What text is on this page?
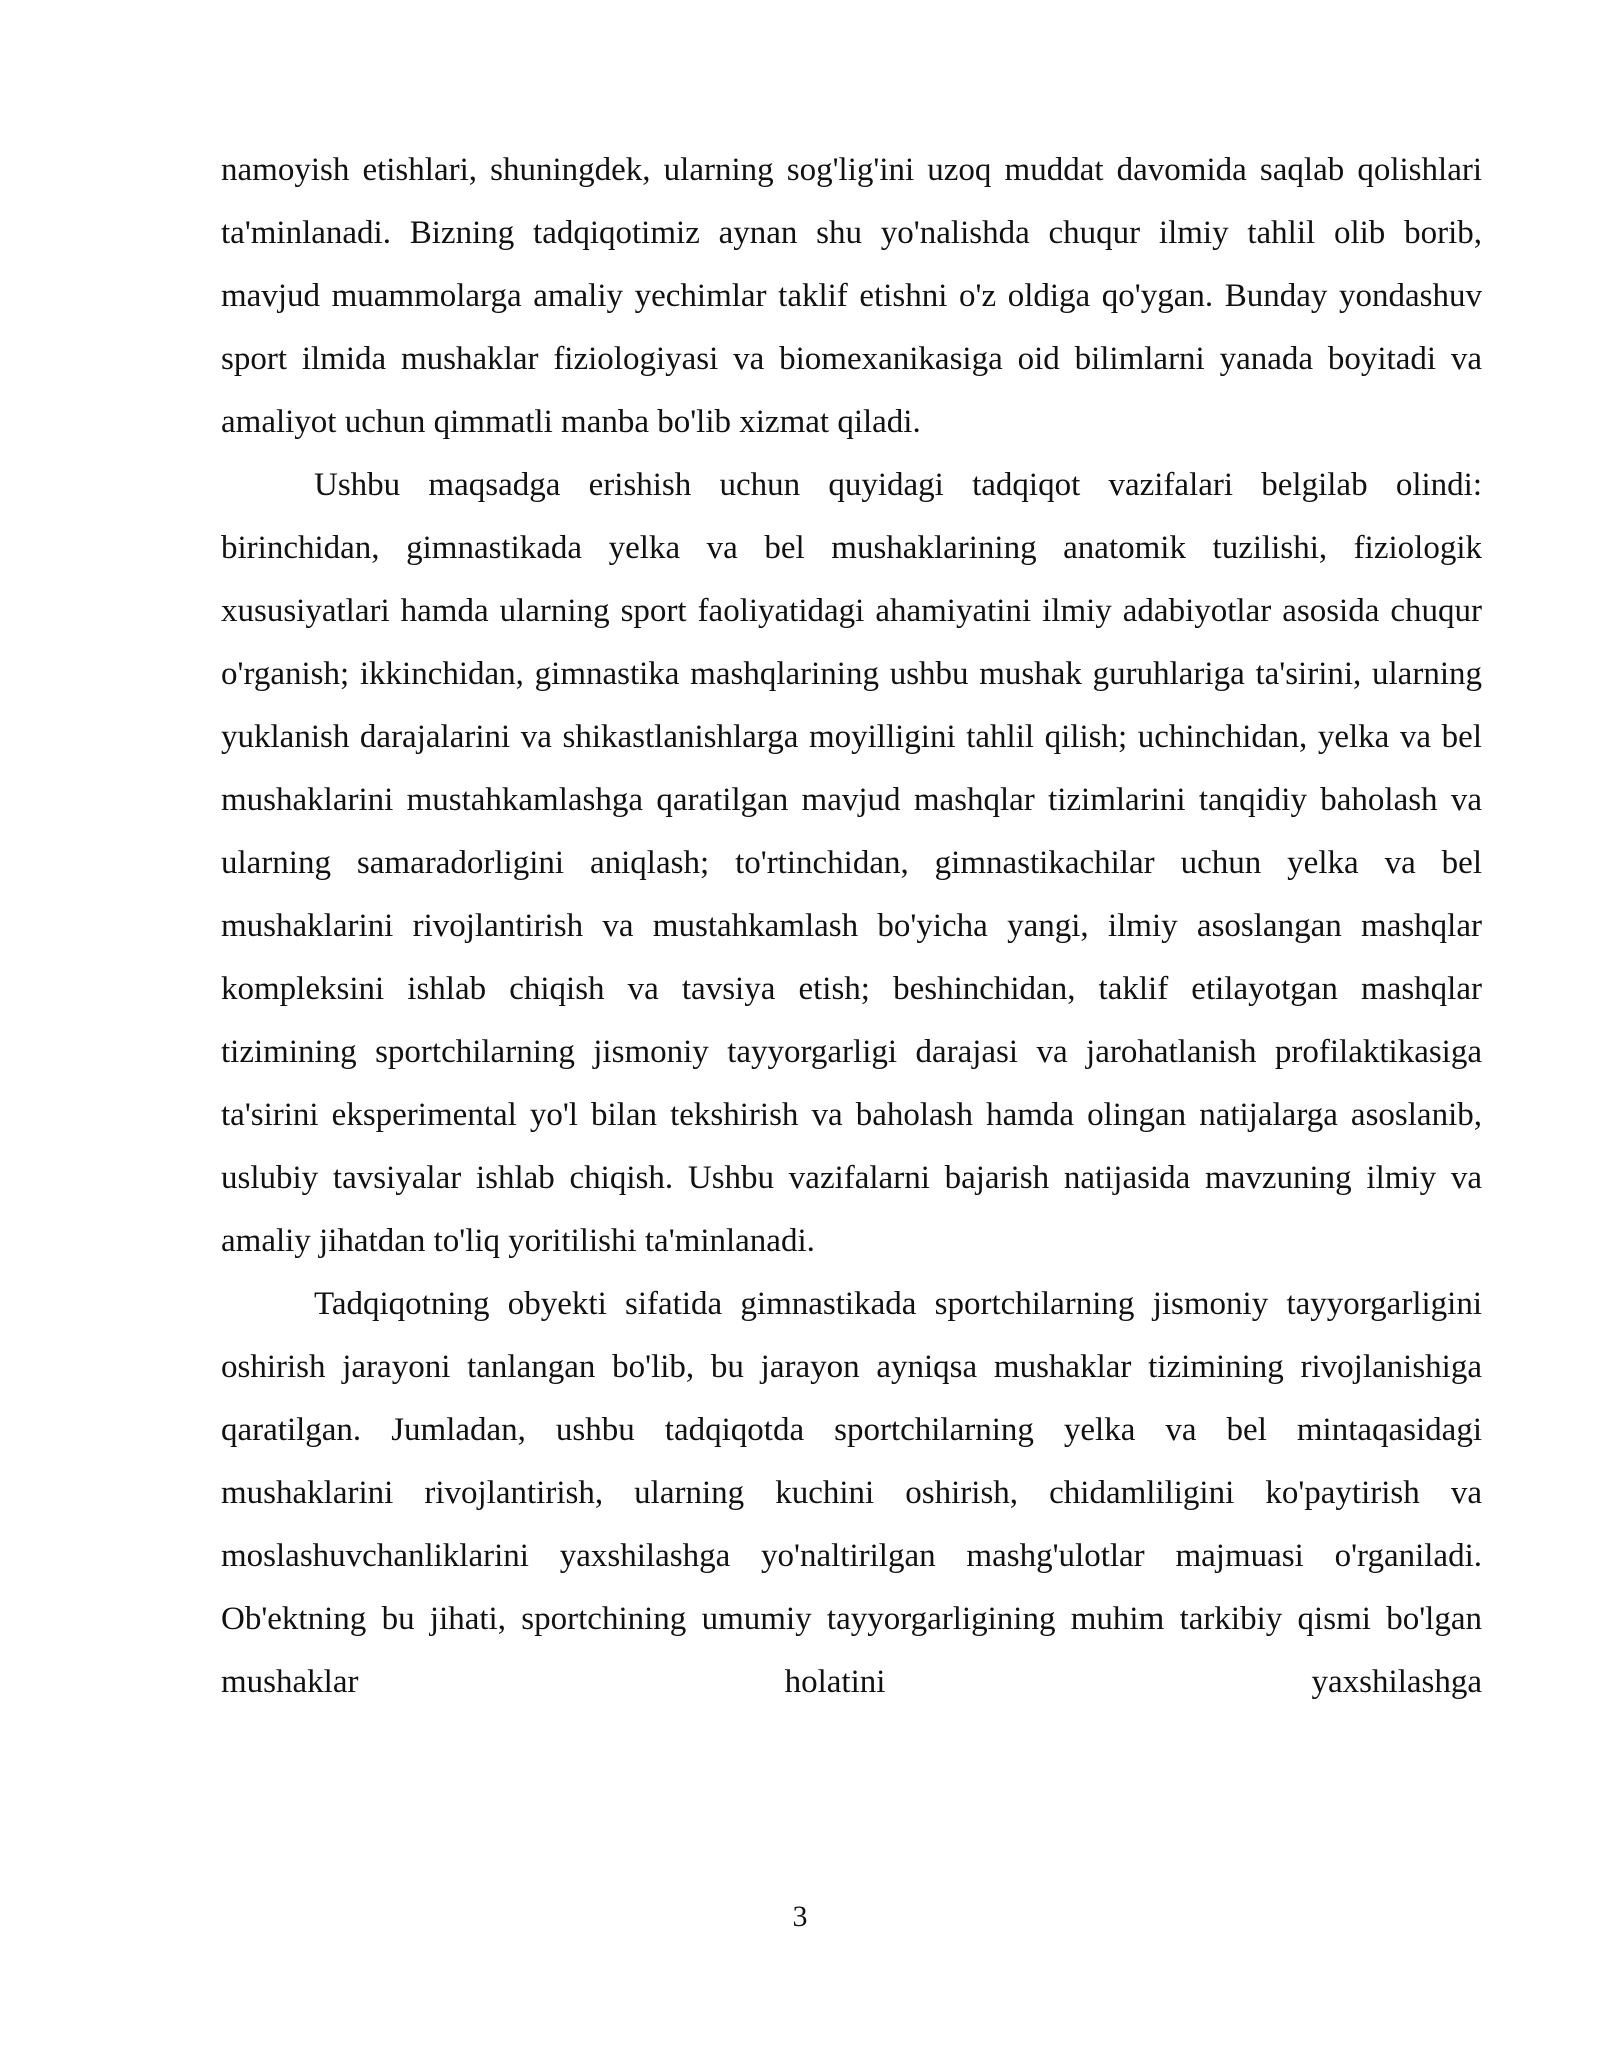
namoyish etishlari, shuningdek, ularning sog'lig'ini uzoq muddat davomida saqlab qolishlari ta'minlanadi. Bizning tadqiqotimiz aynan shu yo'nalishda chuqur ilmiy tahlil olib borib, mavjud muammolarga amaliy yechimlar taklif etishni o'z oldiga qo'ygan. Bunday yondashuv sport ilmida mushaklar fiziologiyasi va biomexanikasiga oid bilimlarni yanada boyitadi va amaliyot uchun qimmatli manba bo'lib xizmat qiladi.

Ushbu maqsadga erishish uchun quyidagi tadqiqot vazifalari belgilab olindi: birinchidan, gimnastikada yelka va bel mushaklarining anatomik tuzilishi, fiziologik xususiyatlari hamda ularning sport faoliyatidagi ahamiyatini ilmiy adabiyotlar asosida chuqur o'rganish; ikkinchidan, gimnastika mashqlarining ushbu mushak guruhlariga ta'sirini, ularning yuklanish darajalarini va shikastlanishlarga moyilligini tahlil qilish; uchinchidan, yelka va bel mushaklarini mustahkamlashga qaratilgan mavjud mashqlar tizimlarini tanqidiy baholash va ularning samaradorligini aniqlash; to'rtinchidan, gimnastikachilar uchun yelka va bel mushaklarini rivojlantirish va mustahkamlash bo'yicha yangi, ilmiy asoslangan mashqlar kompleksini ishlab chiqish va tavsiya etish; beshinchidan, taklif etilayotgan mashqlar tizimining sportchilarning jismoniy tayyorgarligi darajasi va jarohatlanish profilaktikasiga ta'sirini eksperimental yo'l bilan tekshirish va baholash hamda olingan natijalarga asoslanib, uslubiy tavsiyalar ishlab chiqish. Ushbu vazifalarni bajarish natijasida mavzuning ilmiy va amaliy jihatdan to'liq yoritilishi ta'minlanadi.

Tadqiqotning obyekti sifatida gimnastikada sportchilarning jismoniy tayyorgarligini oshirish jarayoni tanlangan bo'lib, bu jarayon ayniqsa mushaklar tizimining rivojlanishiga qaratilgan. Jumladan, ushbu tadqiqotda sportchilarning yelka va bel mintaqasidagi mushaklarini rivojlantirish, ularning kuchini oshirish, chidamliligini ko'paytirish va moslashuvchanliklarini yaxshilashga yo'naltirilgan mashg'ulotlar majmuasi o'rganiladi. Ob'ektning bu jihati, sportchining umumiy tayyorgarligining muhim tarkibiy qismi bo'lgan mushaklar holatini yaxshilashga

3
